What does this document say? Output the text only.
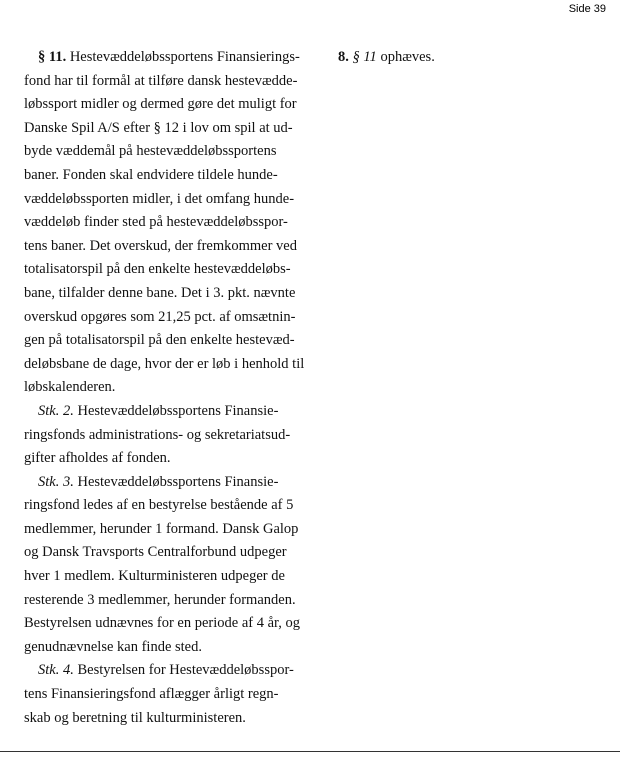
Side 39
§ 11. Hestevæddeløbssportens Finansierings-
fond har til formål at tilføre dansk hestevædde-
løbssport midler og dermed gøre det muligt for
Danske Spil A/S efter § 12 i lov om spil at ud-
byde væddemål på hestevæddeløbssportens
baner. Fonden skal endvidere tildele hunde-
væddeløbssporten midler, i det omfang hunde-
væddeløb finder sted på hestevæddeløbsspor-
tens baner. Det overskud, der fremkommer ved
totalisatorspil på den enkelte hestevæddeløbs-
bane, tilfalder denne bane. Det i 3. pkt. nævnte
overskud opgøres som 21,25 pct. af omsætnin-
gen på totalisatorspil på den enkelte hestevæd-
deløbsbane de dage, hvor der er løb i henhold til
løbskalenderen.
Stk. 2. Hestevæddeløbssportens Finansie-
ringsfonds administrations- og sekretariatsud-
gifter afholdes af fonden.
Stk. 3. Hestevæddeløbssportens Finansie-
ringsfond ledes af en bestyrelse bestående af 5
medlemmer, herunder 1 formand. Dansk Galop
og Dansk Travsports Centralforbund udpeger
hver 1 medlem. Kulturministeren udpeger de
resterende 3 medlemmer, herunder formanden.
Bestyrelsen udnævnes for en periode af 4 år, og
genudnævnelse kan finde sted.
Stk. 4. Bestyrelsen for Hestevæddeløbsspor-
tens Finansieringsfond aflægger årligt regn-
skab og beretning til kulturministeren.
8. § 11 ophæves.
